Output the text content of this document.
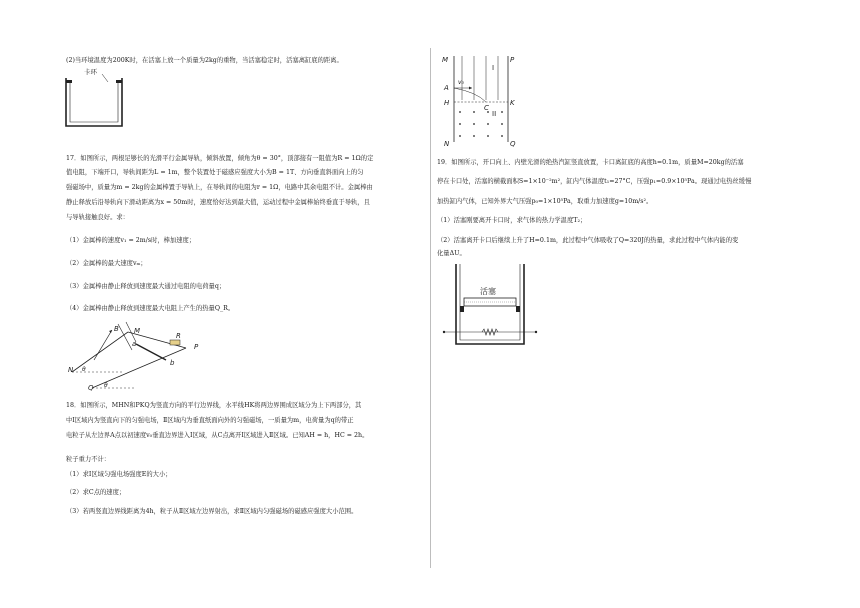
(2)当环境温度为200K时，在活塞上放一个质量为2kg的重物，当活塞稳定时，活塞离缸底的距离。
卡环
17．如图所示，两根足够长的光滑平行金属导轨，倾斜放置，倾角为θ = 30°，顶部接有一阻值为R = 1Ω的定
值电阻，下端开口，导轨间距为L = 1m，整个装置处于磁感应强度大小为B = 1T、方向垂直斜面向上的匀
强磁场中，质量为m = 2kg的金属棒置于导轨上，在导轨间的电阻为r = 1Ω，电路中其余电阻不计。金属棒由
静止释放后沿导轨向下滑动距离为x = 50m时，速度恰好达到最大值，运动过程中金属棒始终垂直于导轨，且
与导轨接触良好。求：
（1）金属棒的速度v₁ = 2m/s时，棒加速度；
（2）金属棒的最大速度vₘ；
（3）金属棒由静止释放到速度最大通过电阻的电荷量q；
（4）金属棒由静止释放到速度最大电阻上产生的热量Q_R。
B M
R
P
a
b
N
Q
θ
θ
18．如图所示，MHN和PKQ为竖直方向的平行边界线，水平线HK将两边界围成区域分为上下两部分，其
中Ⅰ区域内为竖直向下的匀强电场，Ⅱ区域内为垂直纸面向外的匀强磁场，一质量为m，电荷量为q的带正
电粒子从左边界A点以初速度v₀垂直边界进入Ⅰ区域，从C点离开Ⅰ区域进入Ⅱ区域。已知AH = h，HC = 2h。
粒子重力不计：
（1）求Ⅰ区域匀强电场强度E的大小；
（2）求C点的速度；
（3）若两竖直边界线距离为4h，粒子从Ⅱ区域左边界射出，求Ⅱ区域内匀强磁场的磁感应强度大小范围。
M	P
A
H	K
N	Q
C
I
II
v₀
19．如图所示，开口向上、内壁光滑的绝热汽缸竖直放置，卡口离缸底的高度h=0.1m，质量M=20kg的活塞
停在卡口处，活塞的横截面积S=1×10⁻²m²，缸内气体温度t₁=27°C，压强p₁=0.9×10⁵Pa。现通过电热丝缓慢
加热缸内气体，已知外界大气压强p₀=1×10⁵Pa，取重力加速度g=10m/s²。
（1）活塞刚要离开卡口时，求气体的热力学温度T₂；
（2）活塞离开卡口后继续上升了H=0.1m，此过程中气体吸收了Q=320J的热量，求此过程中气体内能的变
化量ΔU。
活塞
